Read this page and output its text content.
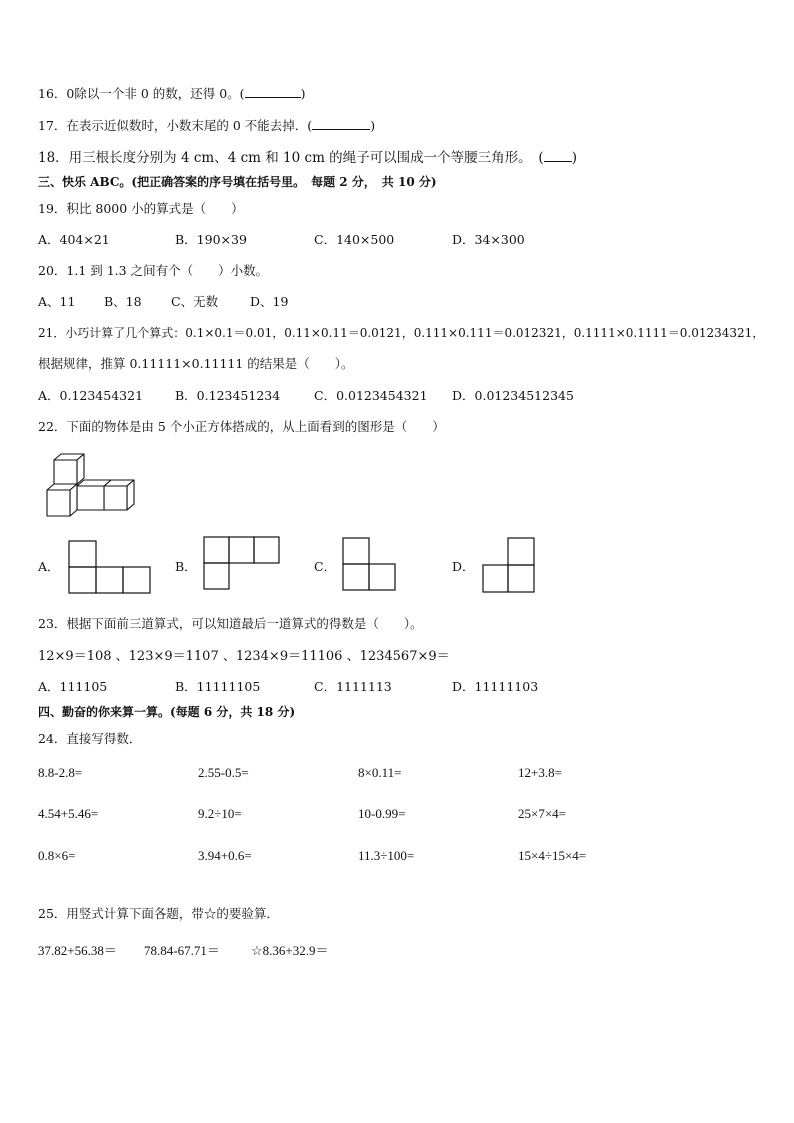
16．0除以一个非 0 的数，还得 0。(	)
17．在表示近似数时，小数末尾的 0 不能去掉．(	)
18．用三根长度分别为 4 cm、4 cm 和 10 cm 的绳子可以围成一个等腰三角形。　( )
三、快乐 ABC。(把正确答案的序号填在括号里。　每题 2 分，　共 10 分)
19．积比 8000 小的算式是（　　）
A．404×21	B．190×39	C．140×500	D．34×300
20．1.1 到 1.3 之间有个（　　）小数。
A、11 B、18 C、无数	D、19
21．小巧计算了几个算式：0.1×0.1＝0.01，0.11×0.11＝0.0121，0.111×0.111＝0.012321，0.1111×0.1111＝0.01234321，
根据规律，推算 0.11111×0.11111 的结果是（　　）。
A．0.123454321	B．0.123451234	C．0.0123454321 D．0.01234512345
22．下面的物体是由 5 个小正方体搭成的，从上面看到的图形是（　　）
A．	B．	C．	D．
23．根据下面前三道算式，可以知道最后一道算式的得数是（　　）。
12×9＝108 、123×9＝1107 、1234×9＝11106 、1234567×9＝
A．111105	B．11111105	C．1111113	D．11111103
四、勤奋的你来算一算。(每题 6 分，共 18 分)
24．直接写得数．
8.8-2.8=	2.55-0.5=	8×0.11=	12+3.8=
4.54+5.46=	9.2÷10=	10-0.99=	25×7×4=
0.8×6=	3.94+0.6=	11.3÷100=	15×4÷15×4=
25．用竖式计算下面各题，带☆的要验算．
37.82+56.38＝ 78.84-67.71＝ ☆8.36+32.9＝
